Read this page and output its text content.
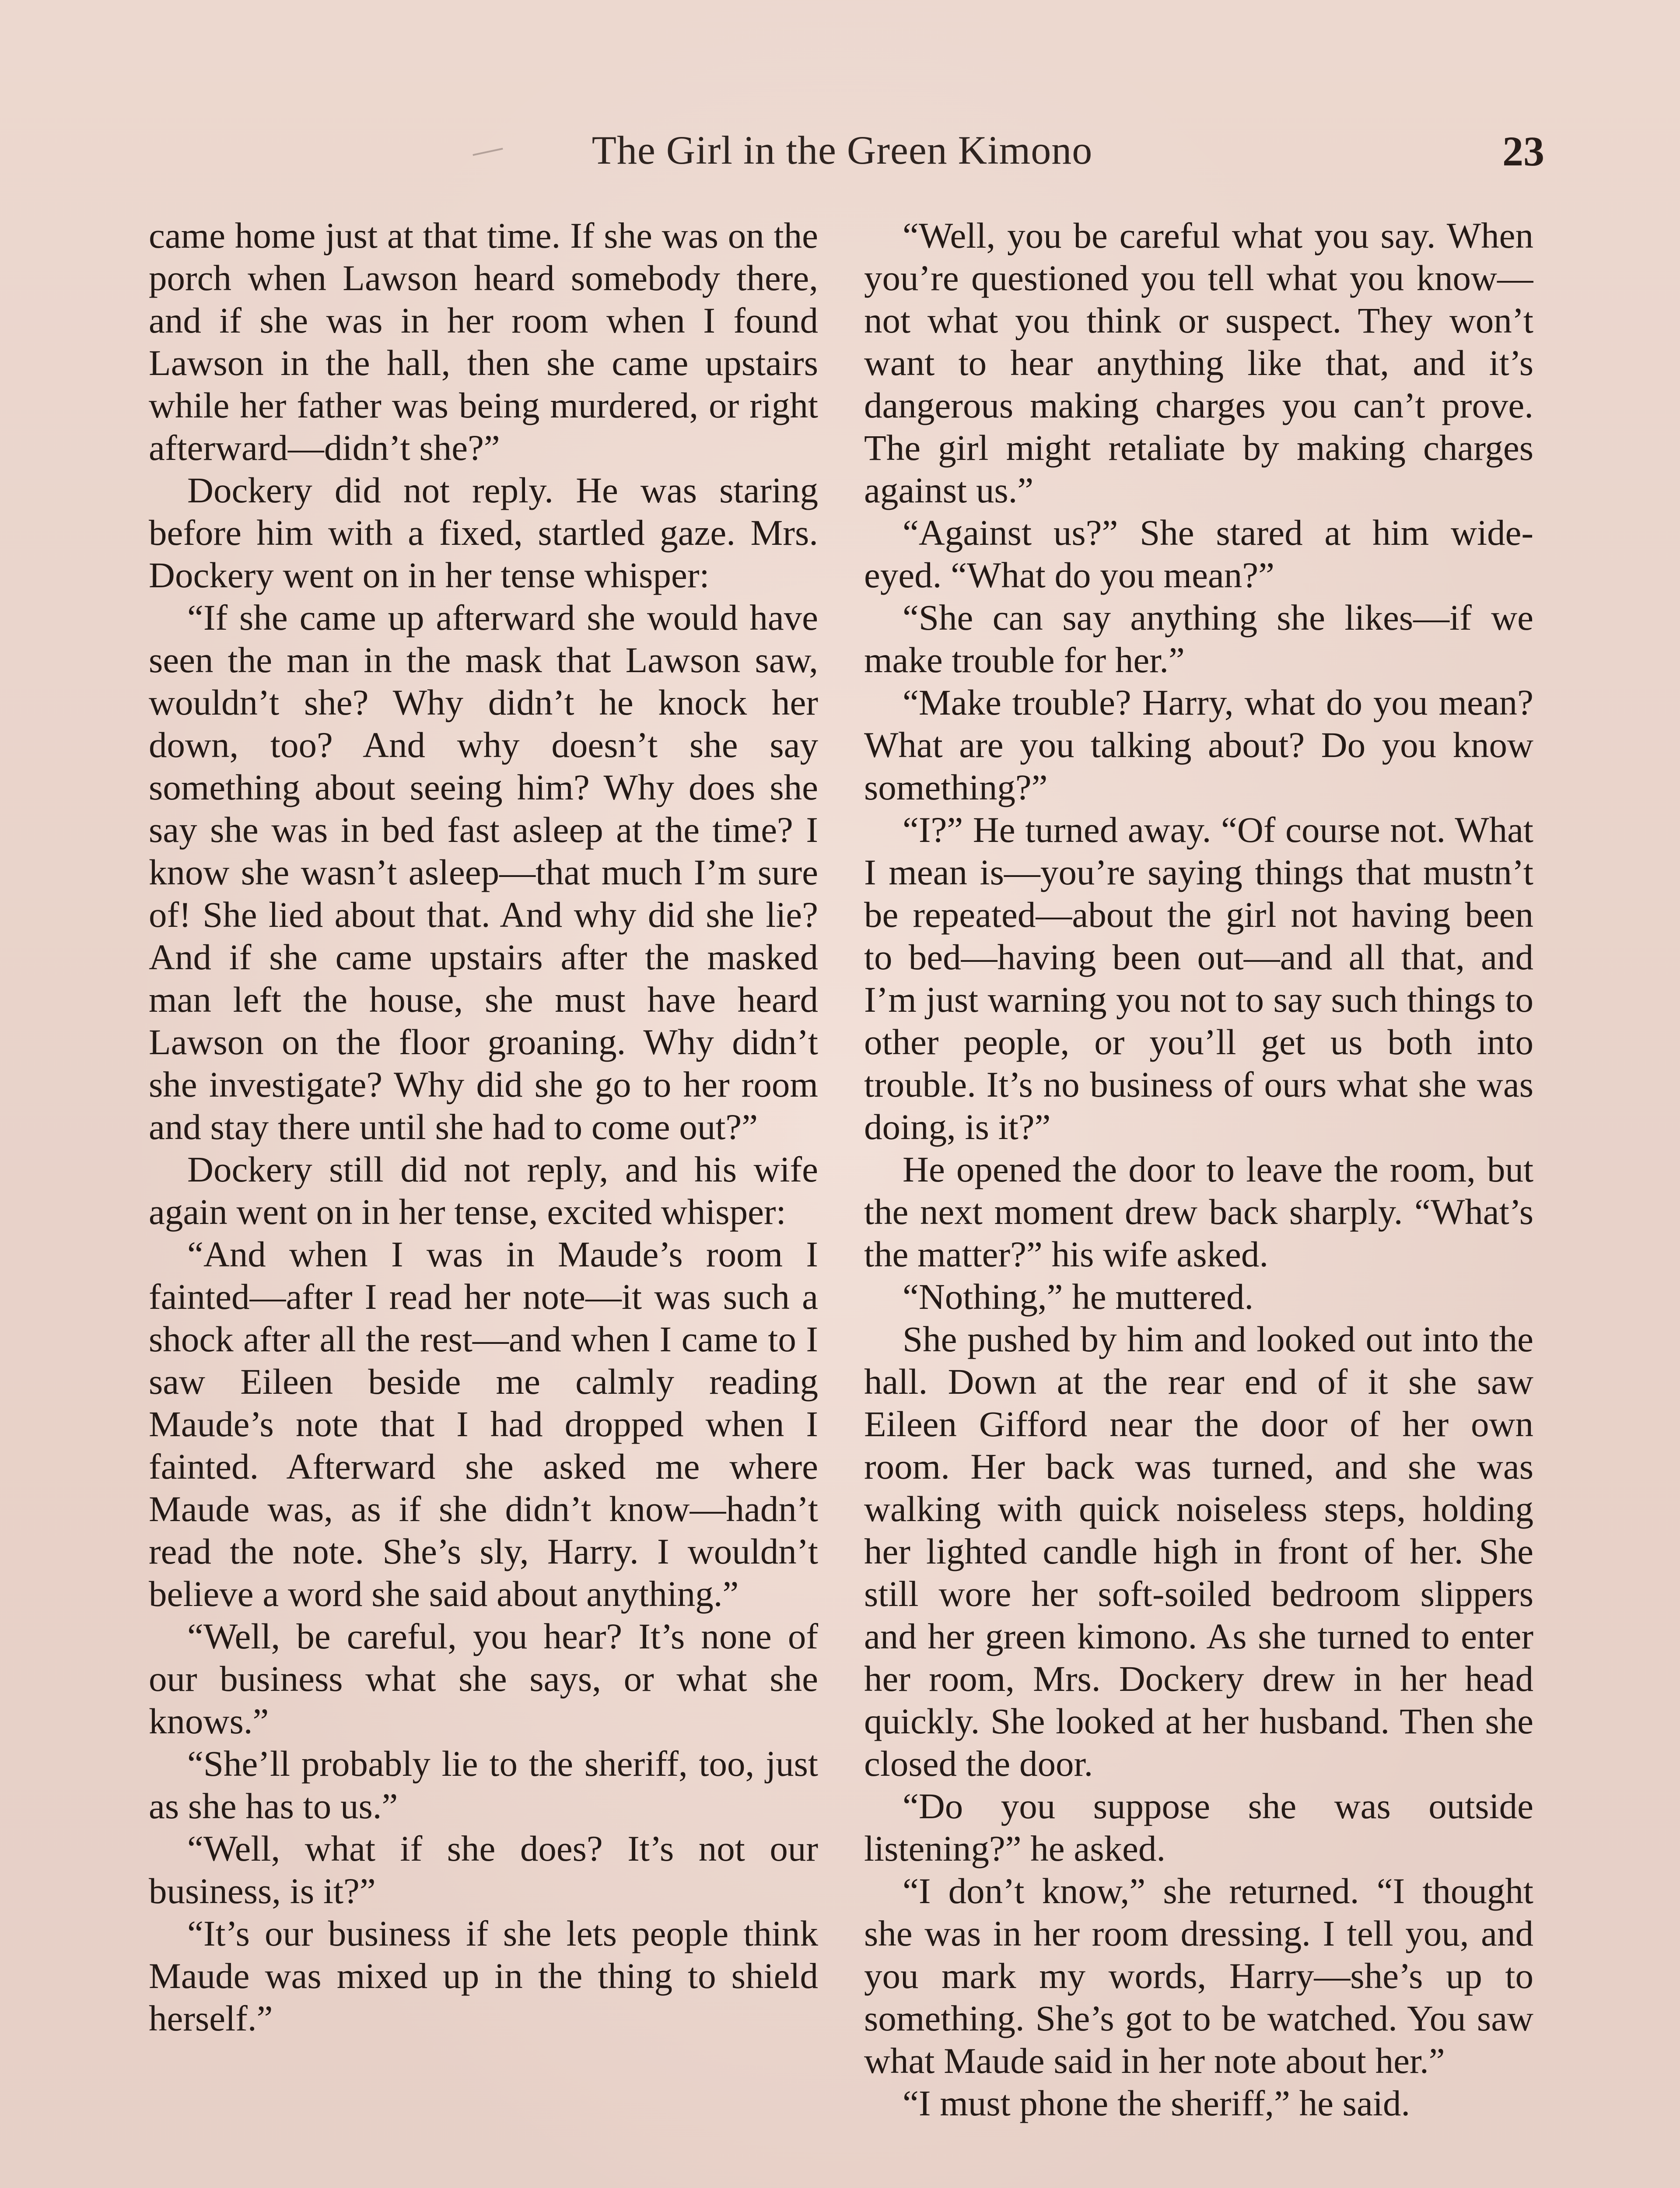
The Girl in the Green Kimono	23

came home just at that time. If she was on the porch when Lawson heard somebody there, and if she was in her room when I found Lawson in the hall, then she came upstairs while her father was being murdered, or right afterward—didn’t she?”

Dockery did not reply. He was staring before him with a fixed, startled gaze. Mrs. Dockery went on in her tense whisper:

“If she came up afterward she would have seen the man in the mask that Lawson saw, wouldn’t she? Why didn’t he knock her down, too? And why doesn’t she say something about seeing him? Why does she say she was in bed fast asleep at the time? I know she wasn’t asleep—that much I’m sure of! She lied about that. And why did she lie? And if she came upstairs after the masked man left the house, she must have heard Lawson on the floor groaning. Why didn’t she investigate? Why did she go to her room and stay there until she had to come out?”

Dockery still did not reply, and his wife again went on in her tense, excited whisper:

“And when I was in Maude’s room I fainted—after I read her note—it was such a shock after all the rest—and when I came to I saw Eileen beside me calmly reading Maude’s note that I had dropped when I fainted. Afterward she asked me where Maude was, as if she didn’t know—hadn’t read the note. She’s sly, Harry. I wouldn’t believe a word she said about anything.”

“Well, be careful, you hear? It’s none of our business what she says, or what she knows.”

“She’ll probably lie to the sheriff, too, just as she has to us.”

“Well, what if she does? It’s not our business, is it?”

“It’s our business if she lets people think Maude was mixed up in the thing to shield herself.”

“Well, you be careful what you say. When you’re questioned you tell what you know—not what you think or suspect. They won’t want to hear anything like that, and it’s dangerous making charges you can’t prove. The girl might retaliate by making charges against us.”

“Against us?” She stared at him wide-eyed. “What do you mean?”

“She can say anything she likes—if we make trouble for her.”

“Make trouble? Harry, what do you mean? What are you talking about? Do you know something?”

“I?” He turned away. “Of course not. What I mean is—you’re saying things that mustn’t be repeated—about the girl not having been to bed—having been out—and all that, and I’m just warning you not to say such things to other people, or you’ll get us both into trouble. It’s no business of ours what she was doing, is it?”

He opened the door to leave the room, but the next moment drew back sharply. “What’s the matter?” his wife asked.

“Nothing,” he muttered.

She pushed by him and looked out into the hall. Down at the rear end of it she saw Eileen Gifford near the door of her own room. Her back was turned, and she was walking with quick noiseless steps, holding her lighted candle high in front of her. She still wore her soft-soiled bedroom slippers and her green kimono. As she turned to enter her room, Mrs. Dockery drew in her head quickly. She looked at her husband. Then she closed the door.

“Do you suppose she was outside listening?” he asked.

“I don’t know,” she returned. “I thought she was in her room dressing. I tell you, and you mark my words, Harry—she’s up to something. She’s got to be watched. You saw what Maude said in her note about her.”

“I must phone the sheriff,” he said.
